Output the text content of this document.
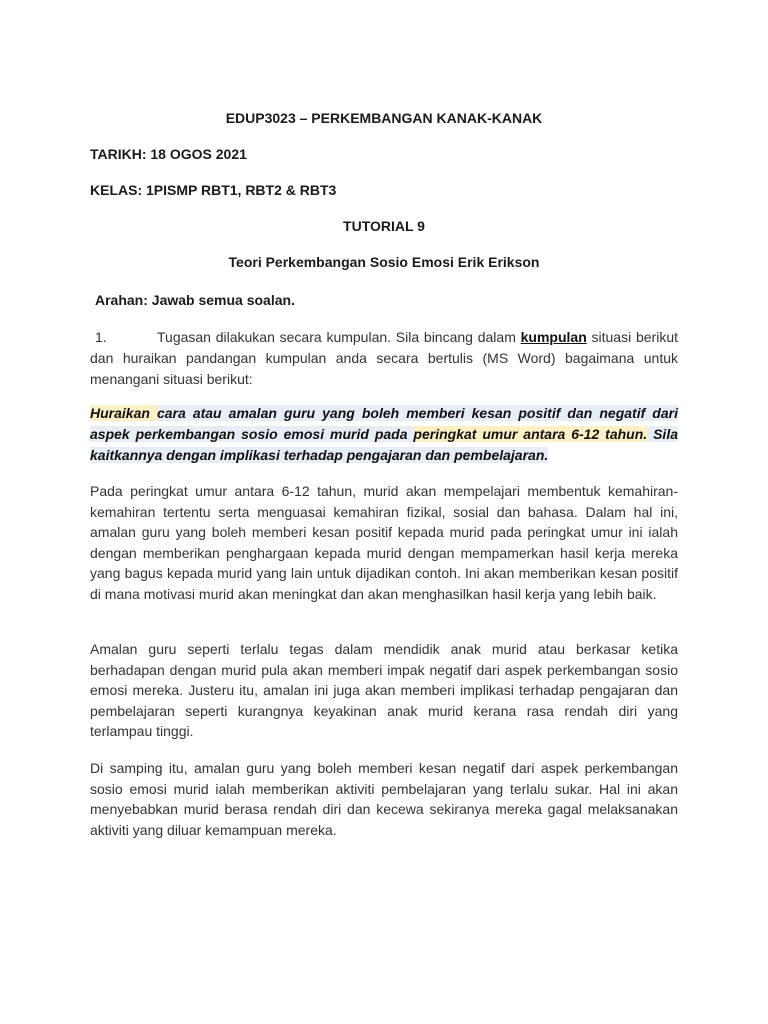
EDUP3023 – PERKEMBANGAN KANAK-KANAK
TARIKH: 18 OGOS 2021
KELAS: 1PISMP RBT1, RBT2 & RBT3
TUTORIAL 9
Teori Perkembangan Sosio Emosi Erik Erikson
Arahan: Jawab semua soalan.
1.	Tugasan dilakukan secara kumpulan. Sila bincang dalam kumpulan situasi berikut dan huraikan pandangan kumpulan anda secara bertulis (MS Word) bagaimana untuk menangani situasi berikut:
Huraikan cara atau amalan guru yang boleh memberi kesan positif dan negatif dari aspek perkembangan sosio emosi murid pada peringkat umur antara 6-12 tahun. Sila kaitkannya dengan implikasi terhadap pengajaran dan pembelajaran.
Pada peringkat umur antara 6-12 tahun, murid akan mempelajari membentuk kemahiran-kemahiran tertentu serta menguasai kemahiran fizikal, sosial dan bahasa. Dalam hal ini, amalan guru yang boleh memberi kesan positif kepada murid pada peringkat umur ini ialah dengan memberikan penghargaan kepada murid dengan mempamerkan hasil kerja mereka yang bagus kepada murid yang lain untuk dijadikan contoh. Ini akan memberikan kesan positif di mana motivasi murid akan meningkat dan akan menghasilkan hasil kerja yang lebih baik.
Amalan guru seperti terlalu tegas dalam mendidik anak murid atau berkasar ketika berhadapan dengan murid pula akan memberi impak negatif dari aspek perkembangan sosio emosi mereka. Justeru itu, amalan ini juga akan memberi implikasi terhadap pengajaran dan pembelajaran seperti kurangnya keyakinan anak murid kerana rasa rendah diri yang terlampau tinggi.
Di samping itu, amalan guru yang boleh memberi kesan negatif dari aspek perkembangan sosio emosi murid ialah memberikan aktiviti pembelajaran yang terlalu sukar. Hal ini akan menyebabkan murid berasa rendah diri dan kecewa sekiranya mereka gagal melaksanakan aktiviti yang diluar kemampuan mereka.
